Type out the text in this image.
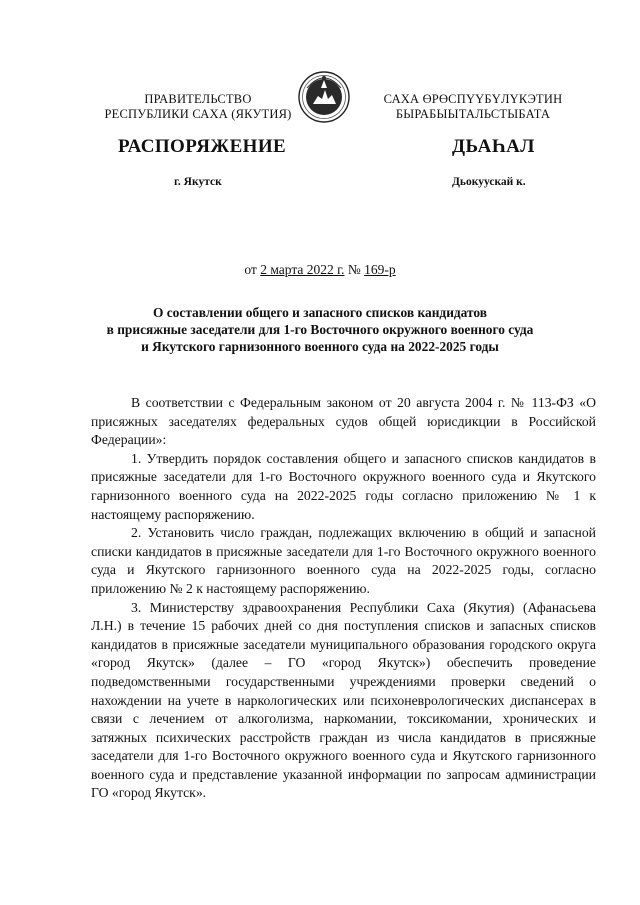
ПРАВИТЕЛЬСТВО
РЕСПУБЛИКИ САХА (ЯКУТИЯ)
САХА ӨРӨСПҮҮБҮЛҮКЭТИН
БЫРАБЫЫТАЛЬСТЫБАТА
РАСПОРЯЖЕНИЕ	ДЬАҺАЛ
г. Якутск	Дьокуускай к.
от 2 марта 2022 г. № 169-р
О составлении общего и запасного списков кандидатов
в присяжные заседатели для 1-го Восточного окружного военного суда
и Якутского гарнизонного военного суда на 2022-2025 годы

В соответствии с Федеральным законом от 20 августа 2004 г. № 113-ФЗ «О присяжных заседателях федеральных судов общей юрисдикции в Российской Федерации»:

1. Утвердить порядок составления общего и запасного списков кандидатов в присяжные заседатели для 1-го Восточного окружного военного суда и Якутского гарнизонного военного суда на 2022-2025 годы согласно приложению № 1 к настоящему распоряжению.

2. Установить число граждан, подлежащих включению в общий и запасной списки кандидатов в присяжные заседатели для 1-го Восточного окружного военного суда и Якутского гарнизонного военного суда на 2022-2025 годы, согласно приложению № 2 к настоящему распоряжению.

3. Министерству здравоохранения Республики Саха (Якутия) (Афанасьева Л.Н.) в течение 15 рабочих дней со дня поступления списков и запасных списков кандидатов в присяжные заседатели муниципального образования городского округа «город Якутск» (далее – ГО «город Якутск») обеспечить проведение подведомственными государственными учреждениями проверки сведений о нахождении на учете в наркологических или психоневрологических диспансерах в связи с лечением от алкоголизма, наркомании, токсикомании, хронических и затяжных психических расстройств граждан из числа кандидатов в присяжные заседатели для 1-го Восточного окружного военного суда и Якутского гарнизонного военного суда и представление указанной информации по запросам администрации ГО «город Якутск».
